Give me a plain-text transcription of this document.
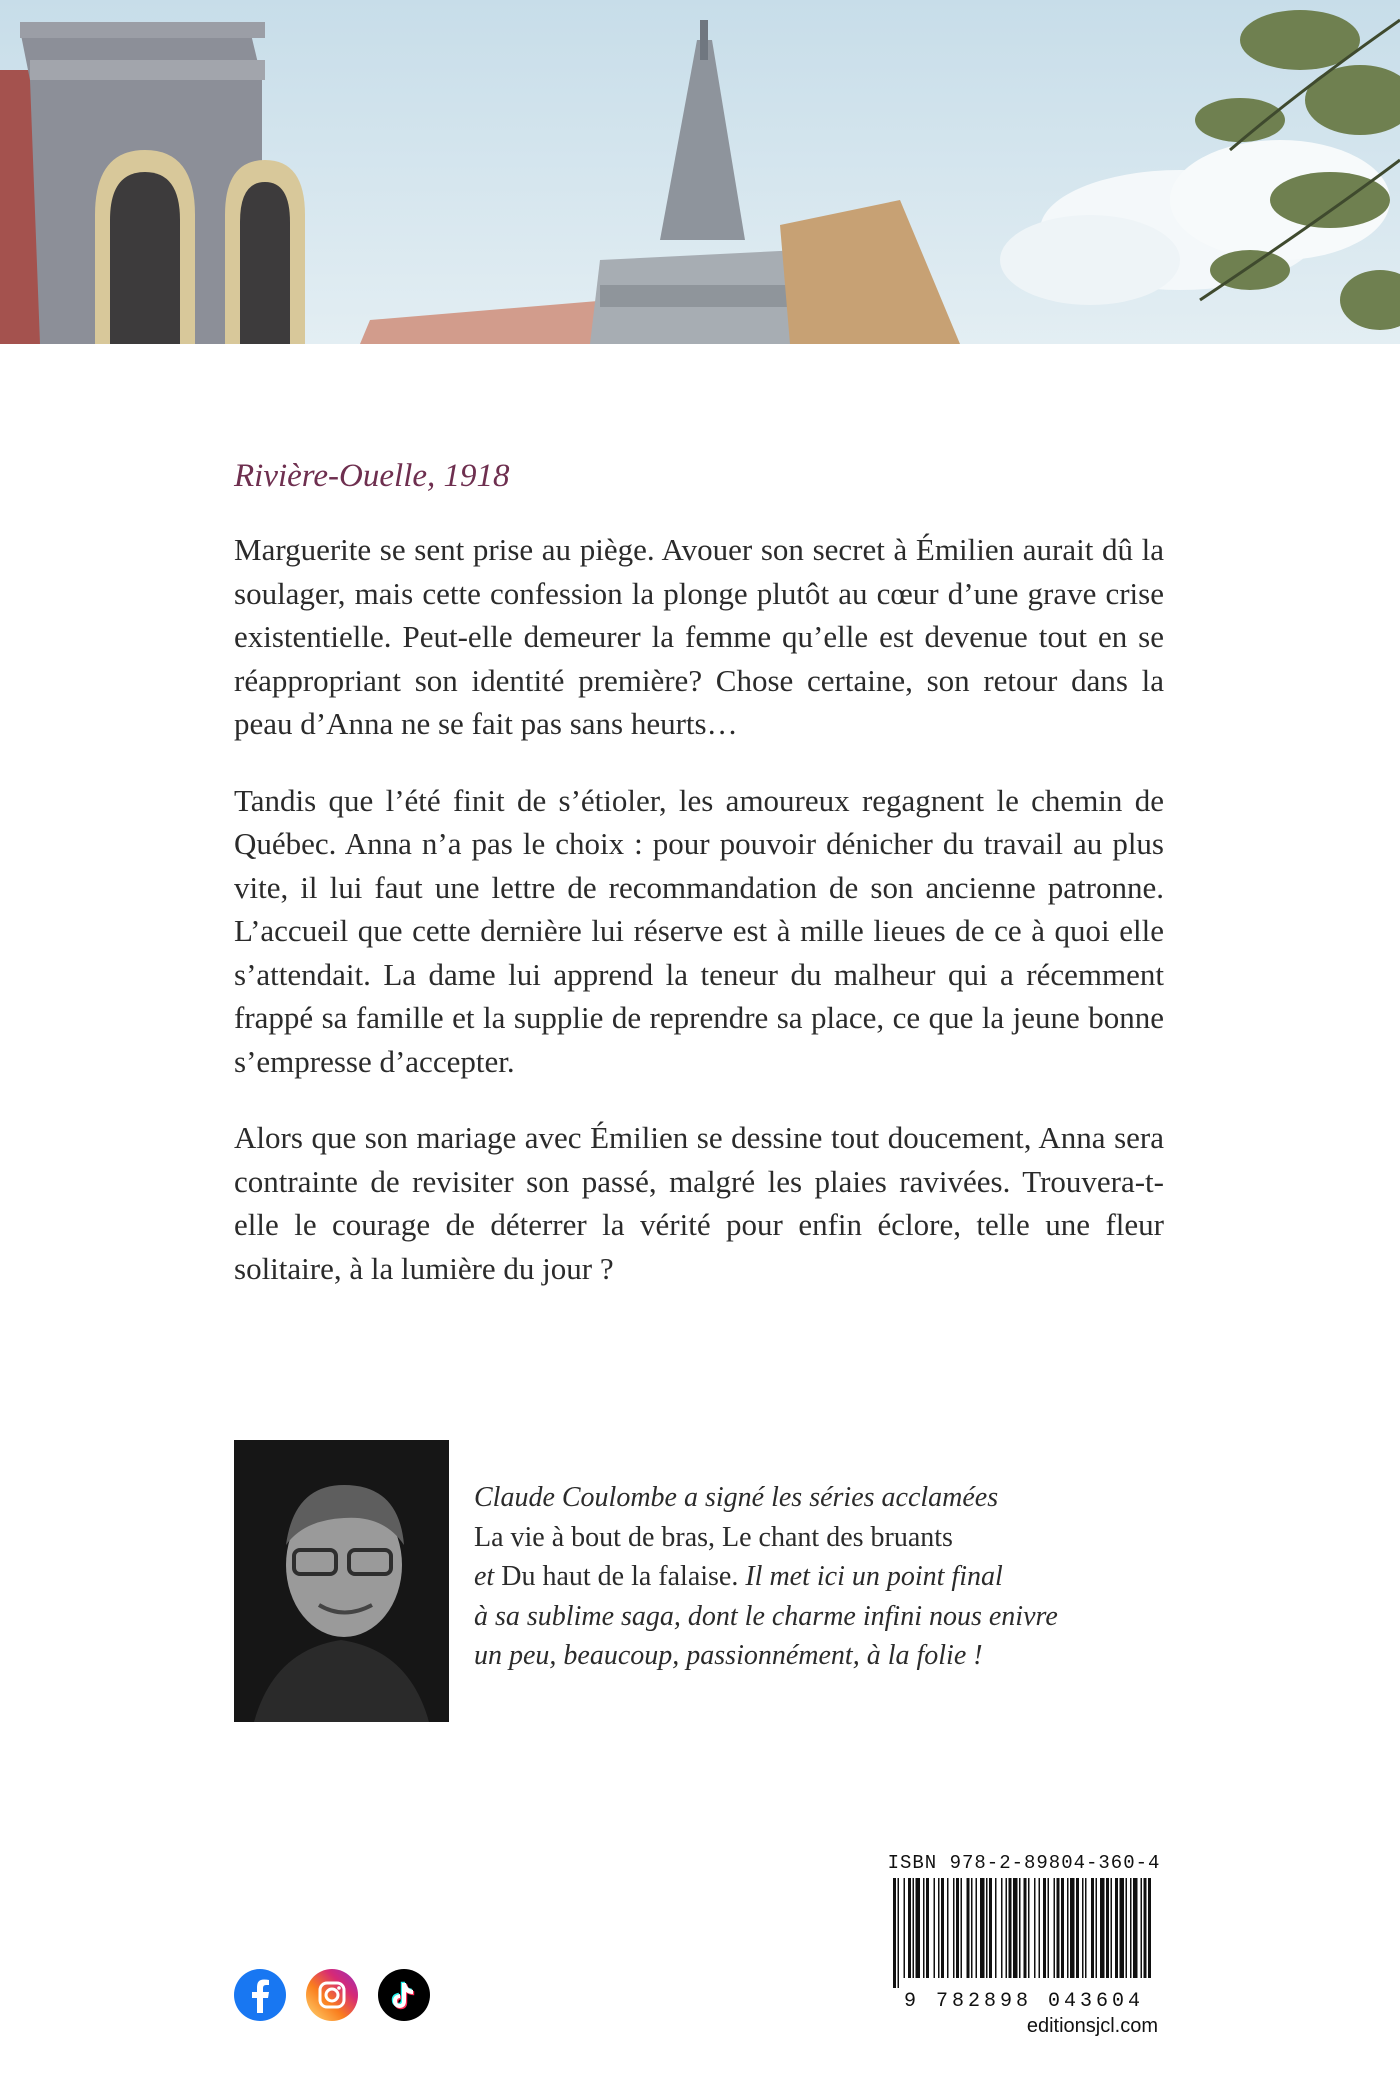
Rivière-Ouelle, 1918

Marguerite se sent prise au piège. Avouer son secret à Émilien aurait dû la soulager, mais cette confession la plonge plutôt au cœur d’une grave crise existentielle. Peut-elle demeurer la femme qu’elle est devenue tout en se réappropriant son identité première? Chose certaine, son retour dans la peau d’Anna ne se fait pas sans heurts…

Tandis que l’été finit de s’étioler, les amoureux regagnent le chemin de Québec. Anna n’a pas le choix : pour pouvoir dénicher du travail au plus vite, il lui faut une lettre de recommandation de son ancienne patronne. L’accueil que cette dernière lui réserve est à mille lieues de ce à quoi elle s’attendait. La dame lui apprend la teneur du malheur qui a récemment frappé sa famille et la supplie de reprendre sa place, ce que la jeune bonne s’empresse d’accepter.

Alors que son mariage avec Émilien se dessine tout doucement, Anna sera contrainte de revisiter son passé, malgré les plaies ravivées. Trouvera-t-elle le courage de déterrer la vérité pour enfin éclore, telle une fleur solitaire, à la lumière du jour ?

Claude Coulombe a signé les séries acclamées
La vie à bout de bras, Le chant des bruants
et Du haut de la falaise. Il met ici un point final
à sa sublime saga, dont le charme infini nous enivre
un peu, beaucoup, passionnément, à la folie !
ISBN 978-2-89804-360-4
9 782898 043604
editionsjcl.com
